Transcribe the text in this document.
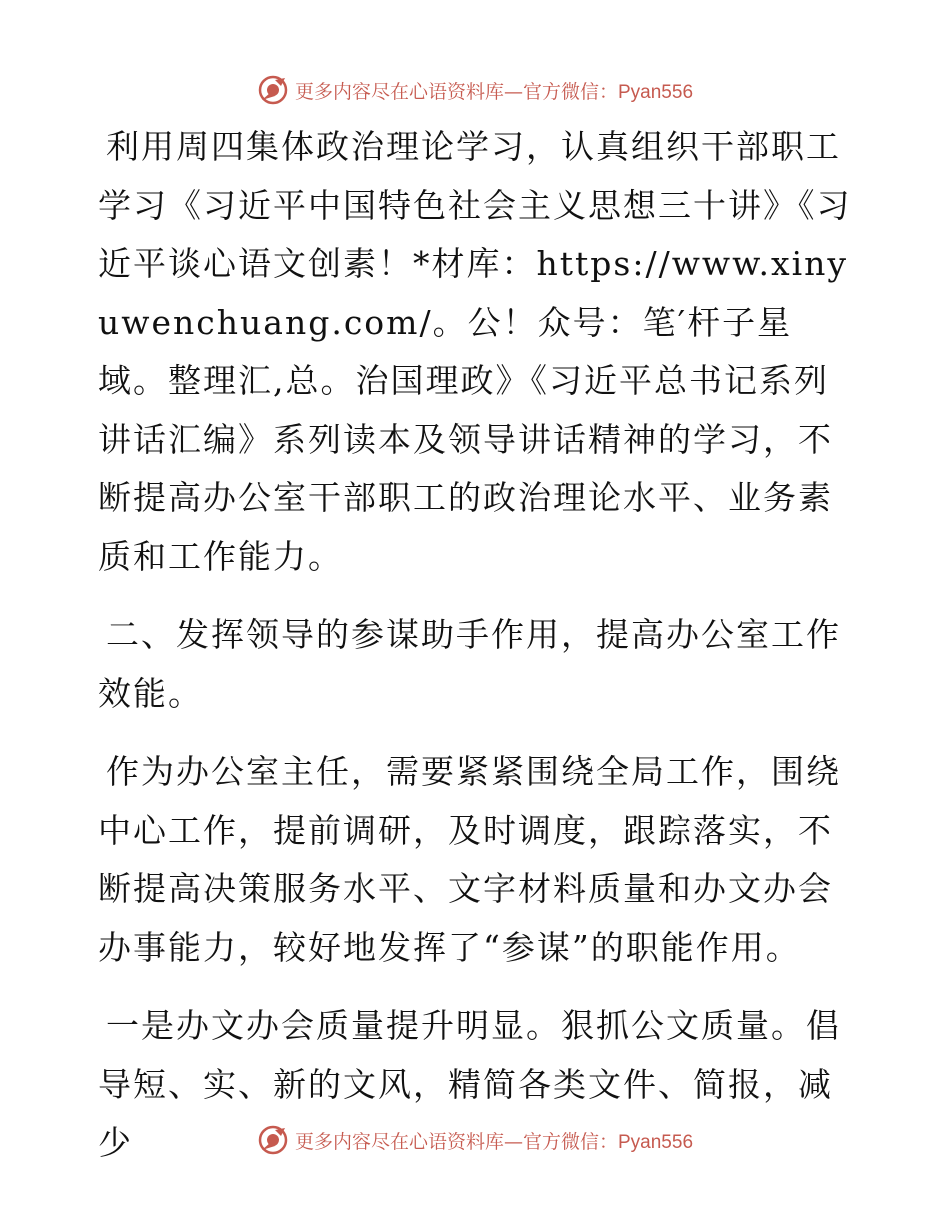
更多内容尽在心语资料库—官方微信：Pyan556

利用周四集体政治理论学习，认真组织干部职工学习《习近平中国特色社会主义思想三十讲》《习近平谈心语文创素！*材库：https://www.xinyuwenchuang.com/。公！众号：笔′杆子星域。整理汇,总。治国理政》《习近平总书记系列讲话汇编》系列读本及领导讲话精神的学习，不断提高办公室干部职工的政治理论水平、业务素质和工作能力。

二、发挥领导的参谋助手作用，提高办公室工作效能。

作为办公室主任，需要紧紧围绕全局工作，围绕中心工作，提前调研，及时调度，跟踪落实，不断提高决策服务水平、文字材料质量和办文办会办事能力，较好地发挥了“参谋”的职能作用。

一是办文办会质量提升明显。狠抓公文质量。倡导短、实、新的文风，精简各类文件、简报，减少	更多内容尽在心语资料库—官方微信：Pyan556
